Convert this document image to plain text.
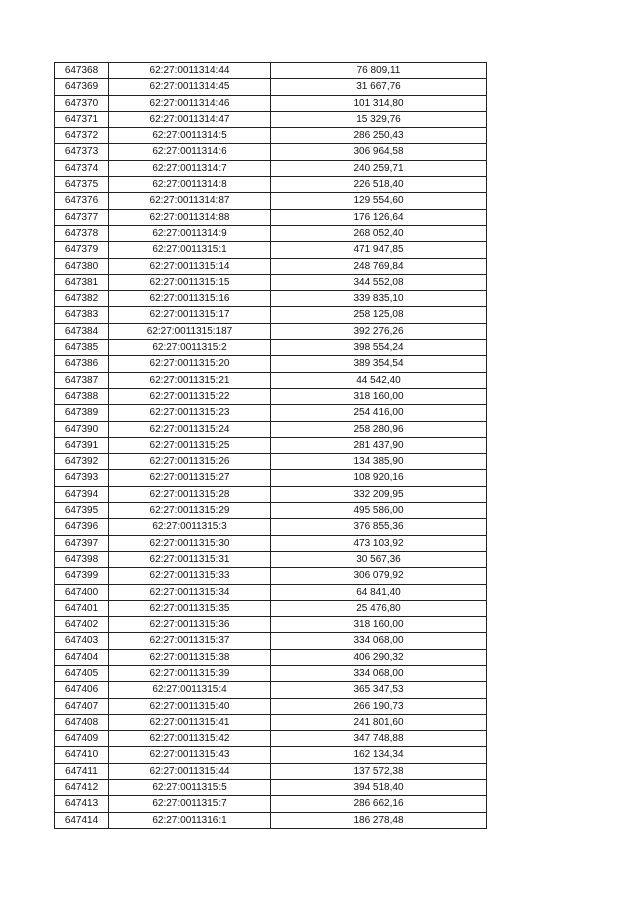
647368	62:27:0011314:44	76 809,11
647369	62:27:0011314:45	31 667,76
647370	62:27:0011314:46	101 314,80
647371	62:27:0011314:47	15 329,76
647372	62:27:0011314:5	286 250,43
647373	62:27:0011314:6	306 964,58
647374	62:27:0011314:7	240 259,71
647375	62:27:0011314:8	226 518,40
647376	62:27:0011314:87	129 554,60
647377	62:27:0011314:88	176 126,64
647378	62:27:0011314:9	268 052,40
647379	62:27:0011315:1	471 947,85
647380	62:27:0011315:14	248 769,84
647381	62:27:0011315:15	344 552,08
647382	62:27:0011315:16	339 835,10
647383	62:27:0011315:17	258 125,08
647384	62:27:0011315:187	392 276,26
647385	62:27:0011315:2	398 554,24
647386	62:27:0011315:20	389 354,54
647387	62:27:0011315:21	44 542,40
647388	62:27:0011315:22	318 160,00
647389	62:27:0011315:23	254 416,00
647390	62:27:0011315:24	258 280,96
647391	62:27:0011315:25	281 437,90
647392	62:27:0011315:26	134 385,90
647393	62:27:0011315:27	108 920,16
647394	62:27:0011315:28	332 209,95
647395	62:27:0011315:29	495 586,00
647396	62:27:0011315:3	376 855,36
647397	62:27:0011315:30	473 103,92
647398	62:27:0011315:31	30 567,36
647399	62:27:0011315:33	306 079,92
647400	62:27:0011315:34	64 841,40
647401	62:27:0011315:35	25 476,80
647402	62:27:0011315:36	318 160,00
647403	62:27:0011315:37	334 068,00
647404	62:27:0011315:38	406 290,32
647405	62:27:0011315:39	334 068,00
647406	62:27:0011315:4	365 347,53
647407	62:27:0011315:40	266 190,73
647408	62:27:0011315:41	241 801,60
647409	62:27:0011315:42	347 748,88
647410	62:27:0011315:43	162 134,34
647411	62:27:0011315:44	137 572,38
647412	62:27:0011315:5	394 518,40
647413	62:27:0011315:7	286 662,16
647414	62:27:0011316:1	186 278,48
